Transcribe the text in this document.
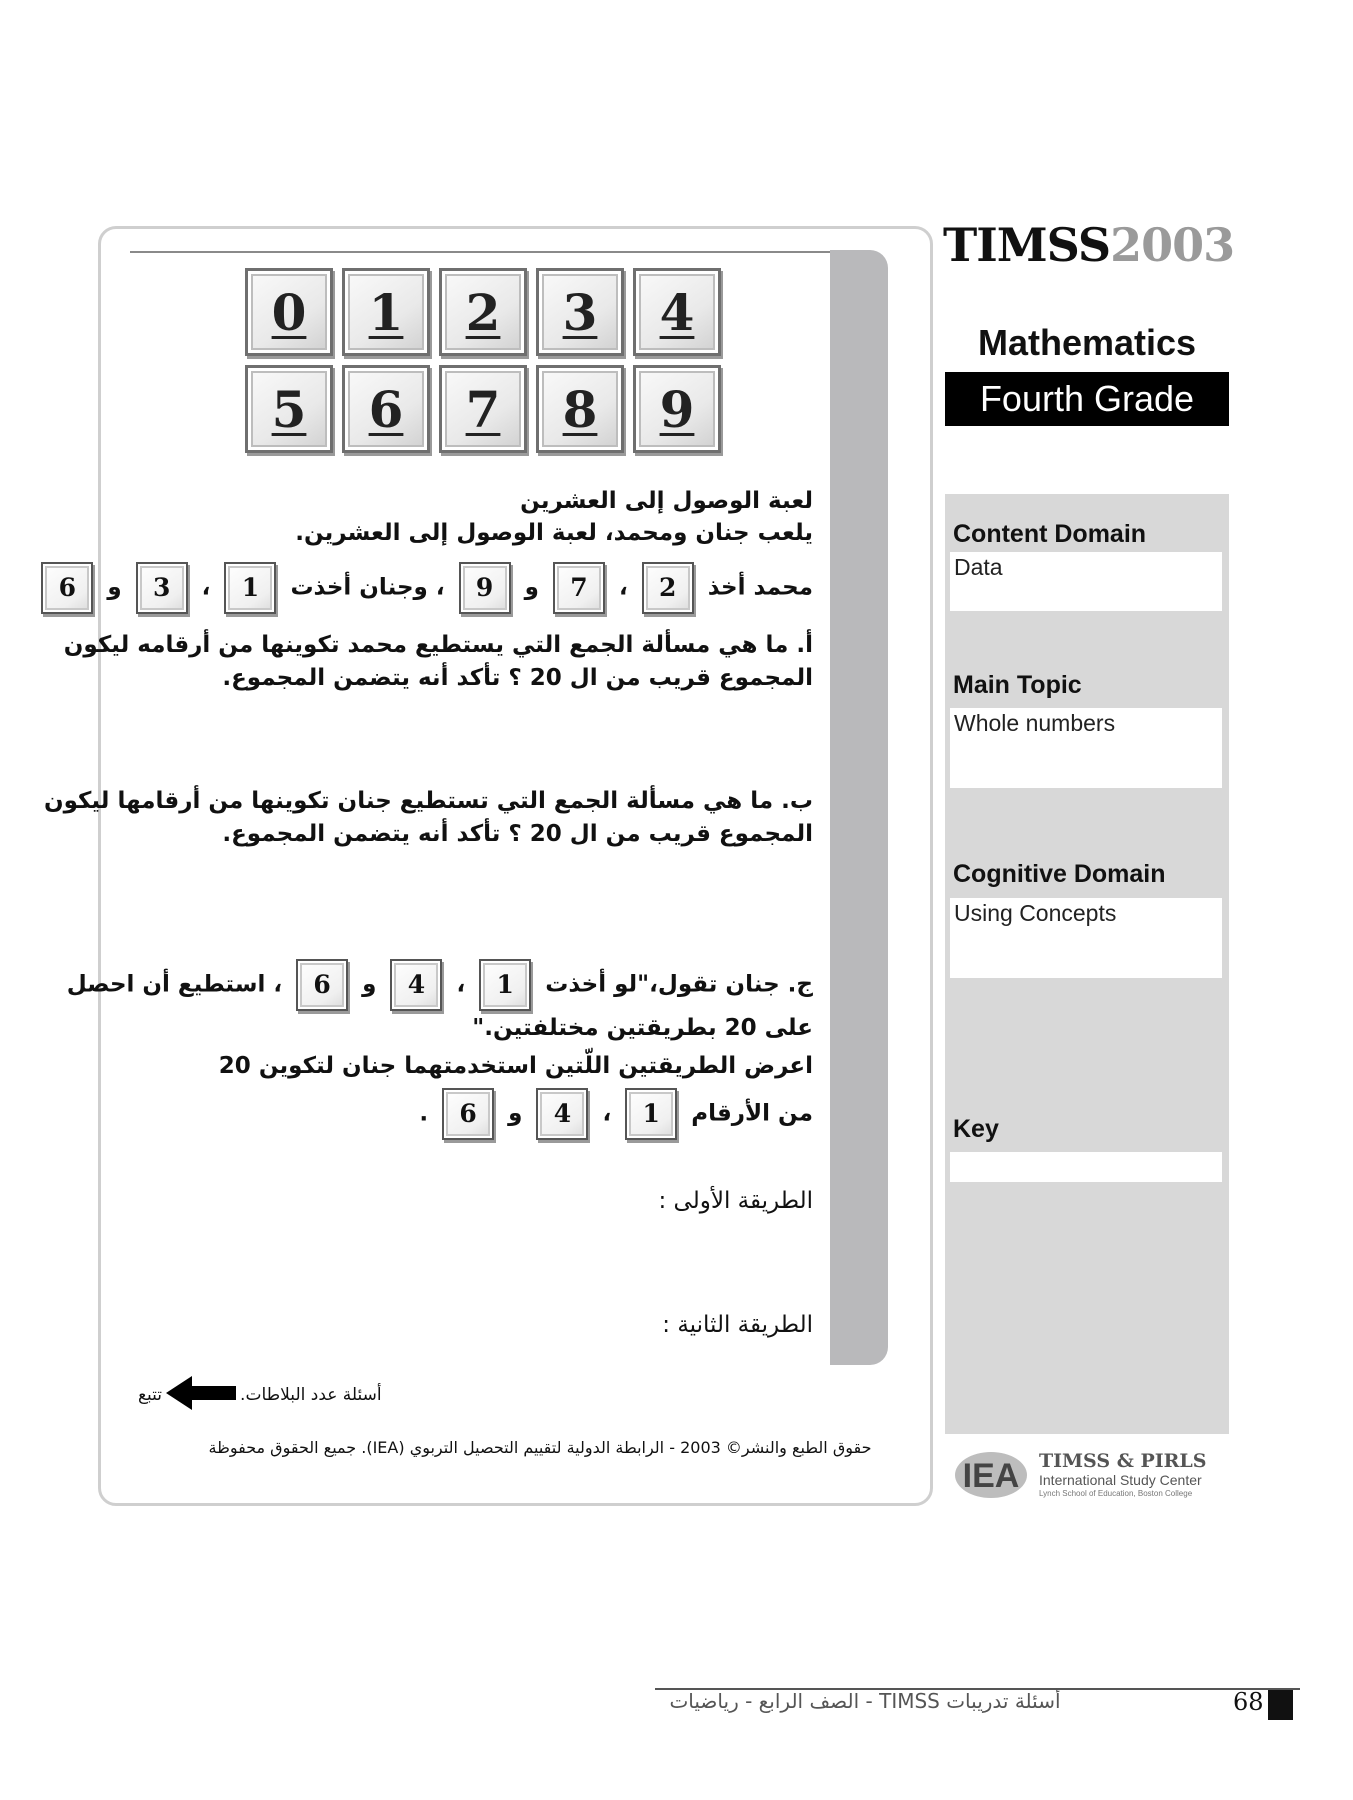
0	1	2	3	4
5	6	7	8	9
لعبة الوصول إلى العشرين
يلعب جنان ومحمد، لعبة الوصول إلى العشرين.
محمد أخذ 2 ، 7 و 9 ، وجنان أخذت 1 ، 3 و 6
أ. ما هي مسألة الجمع التي يستطيع محمد تكوينها من أرقامه ليكون
المجموع قريب من ال 20 ؟ تأكد أنه يتضمن المجموع.
ب. ما هي مسألة الجمع التي تستطيع جنان تكوينها من أرقامها ليكون
المجموع قريب من ال 20 ؟ تأكد أنه يتضمن المجموع.
ج. جنان تقول،"لو أخذت 1 ، 4 و 6 ، استطيع أن احصل
على 20 بطريقتين مختلفتين."
اعرض الطريقتين اللّتين استخدمتهما جنان لتكوين 20
من الأرقام 1 ، 4 و 6 .
الطريقة الأولى :
الطريقة الثانية :
أسئلة عدد البلاطات.
تتبع
حقوق الطبع والنشر© 2003 - الرابطة الدولية لتقييم التحصيل التربوي (IEA). جميع الحقوق محفوظة
TIMSS2003
Mathematics
Fourth Grade
Content Domain
Data
Main Topic
Whole numbers
Cognitive Domain
Using Concepts
Key
IEA TIMSS & PIRLS
International Study Center
Lynch School of Education, Boston College
أسئلة تدريبات TIMSS - الصف الرابع - رياضيات	68
